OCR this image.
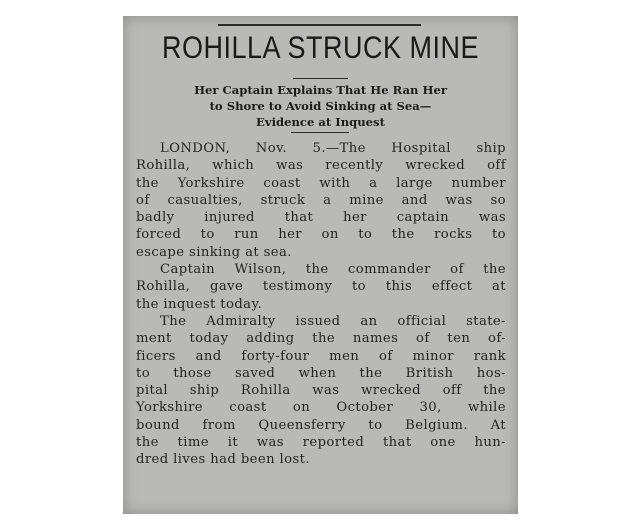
ROHILLA STRUCK MINE
Her Captain Explains That He Ran Her
to Shore to Avoid Sinking at Sea—
Evidence at Inquest
LONDON, Nov. 5.—The Hospital ship
Rohilla, which was recently wrecked off
the Yorkshire coast with a large number
of casualties, struck a mine and was so
badly injured that her captain was
forced to run her on to the rocks to
escape sinking at sea.
Captain Wilson, the commander of the
Rohilla, gave testimony to this effect at
the inquest today.
The Admiralty issued an official state-
ment today adding the names of ten of-
ficers and forty-four men of minor rank
to those saved when the British hos-
pital ship Rohilla was wrecked off the
Yorkshire coast on October 30, while
bound from Queensferry to Belgium. At
the time it was reported that one hun-
dred lives had been lost.
